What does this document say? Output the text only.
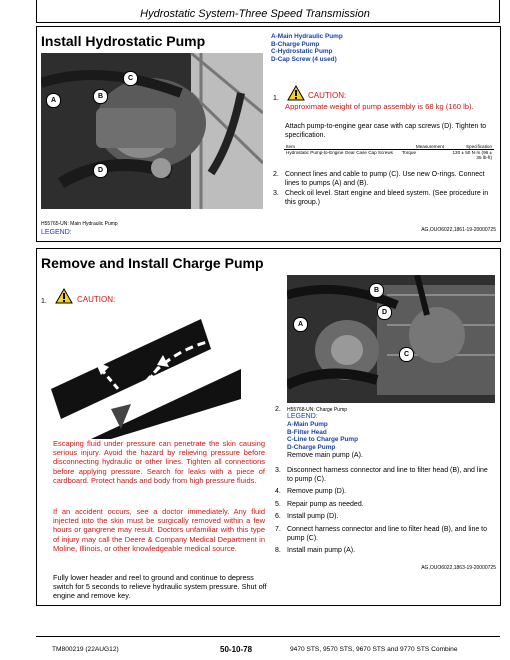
Hydrostatic System-Three Speed Transmission
Install Hydrostatic Pump
A
B
C
D
H55765-UN: Main Hydraulic Pump
LEGEND:
A-Main Hydraulic Pump
B-Charge Pump
C-Hydrostatic Pump
D-Cap Screw (4 used)
1.	CAUTION:
Approximate weight of pump assembly is 68 kg (160 lb).
Attach pump-to-engine gear case with cap screws (D). Tighten to specification.
Item	Measurement	Specification
Hydrostatic Pump-to-Engine Gear Case Cap Screws	Torque	130 ± 50 N·m (96 ± 35 lb-ft)
2. Connect lines and cable to pump (C). Use new O-rings. Connect lines to pumps (A) and (B).
3. Check oil level. Start engine and bleed system. (See procedure in this group.)
AG,OUO6022,1861-19-20000725
Remove and Install Charge Pump
1.	CAUTION:
Escaping fluid under pressure can penetrate the skin causing serious injury. Avoid the hazard by relieving pressure before disconnecting hydraulic or other lines. Tighten all connections before applying pressure. Search for leaks with a piece of cardboard. Protect hands and body from high pressure fluids.
If an accident occurs, see a doctor immediately. Any fluid injected into the skin must be surgically removed within a few hours or gangrene may result. Doctors unfamiliar with this type of injury may call the Deere & Company Medical Department in Moline, Illinois, or other knowledgeable medical source.
Fully lower header and reel to ground and continue to depress switch for 5 seconds to relieve hydraulic system pressure. Shut off engine and remove key.
A
B
C
D
2. H55768-UN: Charge Pump
LEGEND:
A-Main Pump
B-Filter Head
C-Line to Charge Pump
D-Charge Pump
Remove main pump (A).
3. Disconnect harness connector and line to filter head (B), and line to pump (C).
4. Remove pump (D).
5. Repair pump as needed.
6. Install pump (D).
7. Connect harness connector and line to filter head (B), and line to pump (C).
8. Install main pump (A).
AG,OUO6022,1863-19-20000725
TM800219 (22AUG12)	50-10-78	9470 STS, 9570 STS, 9670 STS and 9770 STS Combine
